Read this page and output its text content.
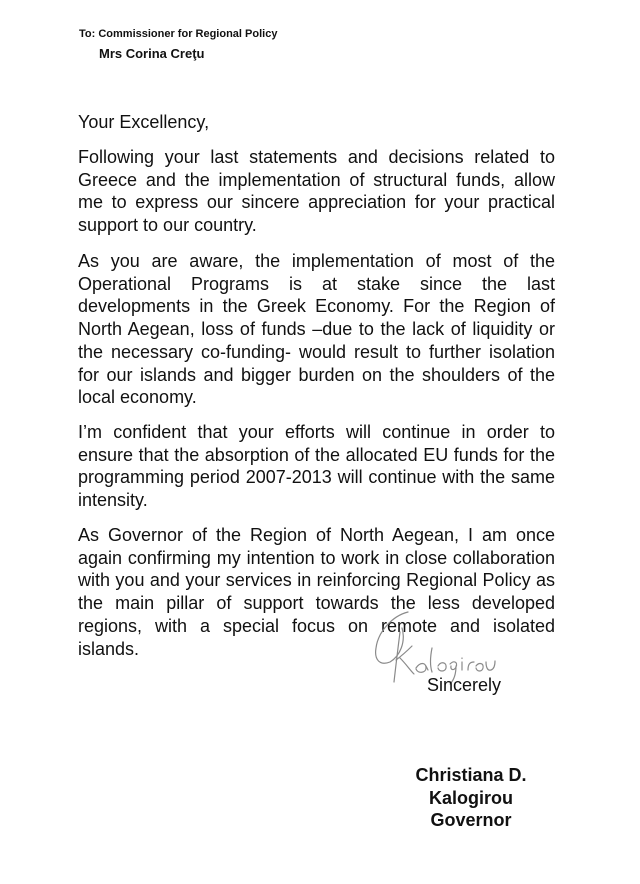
To: Commissioner for Regional Policy
Mrs Corina Creţu
Your Excellency,

Following your last statements and decisions related to Greece and the implementation of structural funds, allow me to express our sincere appreciation for your practical support to our country.

As you are aware, the implementation of most of the Operational Programs is at stake since the last developments in the Greek Economy. For the Region of North Aegean, loss of funds –due to the lack of liquidity or the necessary co-funding- would result to further isolation for our islands and bigger burden on the shoulders of the local economy.

I’m confident that your efforts will continue in order to ensure that the absorption of the allocated EU funds for the programming period 2007-2013 will continue with the same intensity.

As Governor of the Region of North Aegean, I am once again confirming my intention to work in close collaboration with you and your services in reinforcing Regional Policy as the main pillar of support towards the less developed regions, with a special focus on remote and isolated islands.

Sincerely
Christiana D.
Kalogirou
Governor
